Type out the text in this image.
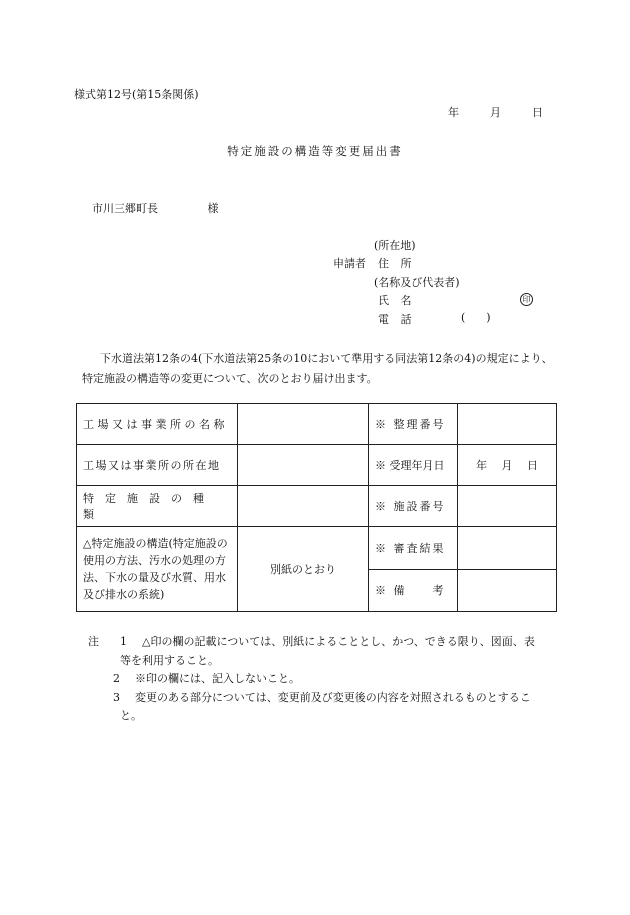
様式第12号(第15条関係)
年	月	日
特定施設の構造等変更届出書
市川三郷町長	様
(所在地)
申請者 住 所
(名称及び代表者)
氏 名	印
電 話	(      )
下水道法第12条の4(下水道法第25条の10において準用する同法第12条の4)の規定により、特定施設の構造等の変更について、次のとおり届け出ます。
工場又は事業所の名称		※ 整理番号	
工場又は事業所の所在地		※ 受理年月日	年　 月　 日
特定施設の種類		※ 施設番号	
△特定施設の構造(特定施設の使用の方法、汚水の処理の方法、下水の量及び水質、用水及び排水の系統)	別紙のとおり	※ 審査結果	
		※ 備　　考	
注 1 △印の欄の記載については、別紙によることとし、かつ、できる限り、図面、表
等を利用すること。
2 ※印の欄には、記入しないこと。
3 変更のある部分については、変更前及び変更後の内容を対照されるものとするこ
と。
